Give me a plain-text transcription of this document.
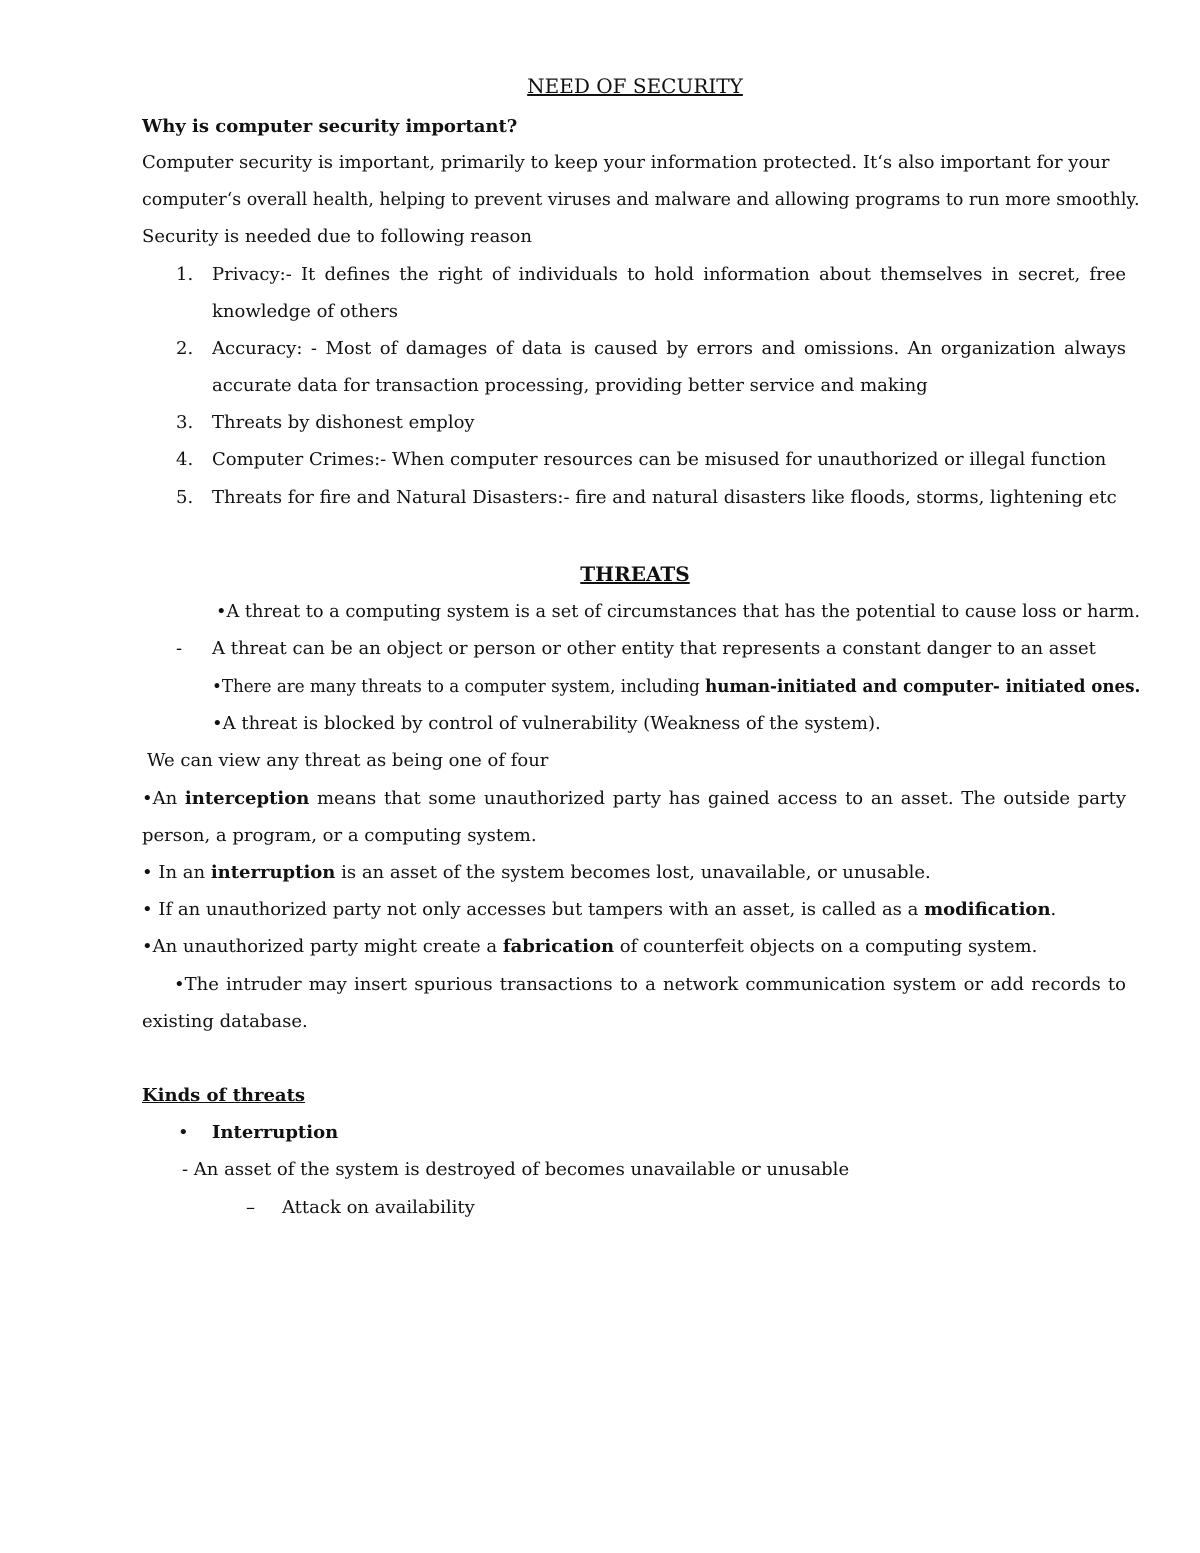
NEED OF SECURITY
Why is computer security important?
Computer security is important, primarily to keep your information protected. It‘s also important for your
computer‘s overall health, helping to prevent viruses and malware and allowing programs to run more smoothly.
Security is needed due to following reason
1. Privacy:- It defines the right of individuals to hold information about themselves in secret, free
knowledge of others
2. Accuracy: - Most of damages of data is caused by errors and omissions. An organization always
accurate data for transaction processing, providing better service and making
3. Threats by dishonest employ
4. Computer Crimes:- When computer resources can be misused for unauthorized or illegal function
5. Threats for fire and Natural Disasters:- fire and natural disasters like floods, storms, lightening etc
THREATS
•A threat to a computing system is a set of circumstances that has the potential to cause loss or harm.
- A threat can be an object or person or other entity that represents a constant danger to an asset
•There are many threats to a computer system, including human-initiated and computer- initiated ones.
•A threat is blocked by control of vulnerability (Weakness of the system).
We can view any threat as being one of four
•An interception means that some unauthorized party has gained access to an asset. The outside party
person, a program, or a computing system.
• In an interruption is an asset of the system becomes lost, unavailable, or unusable.
• If an unauthorized party not only accesses but tampers with an asset, is called as a modification.
•An unauthorized party might create a fabrication of counterfeit objects on a computing system.
•The intruder may insert spurious transactions to a network communication system or add records to
existing database.
Kinds of threats
• Interruption
- An asset of the system is destroyed of becomes unavailable or unusable
– Attack on availability
